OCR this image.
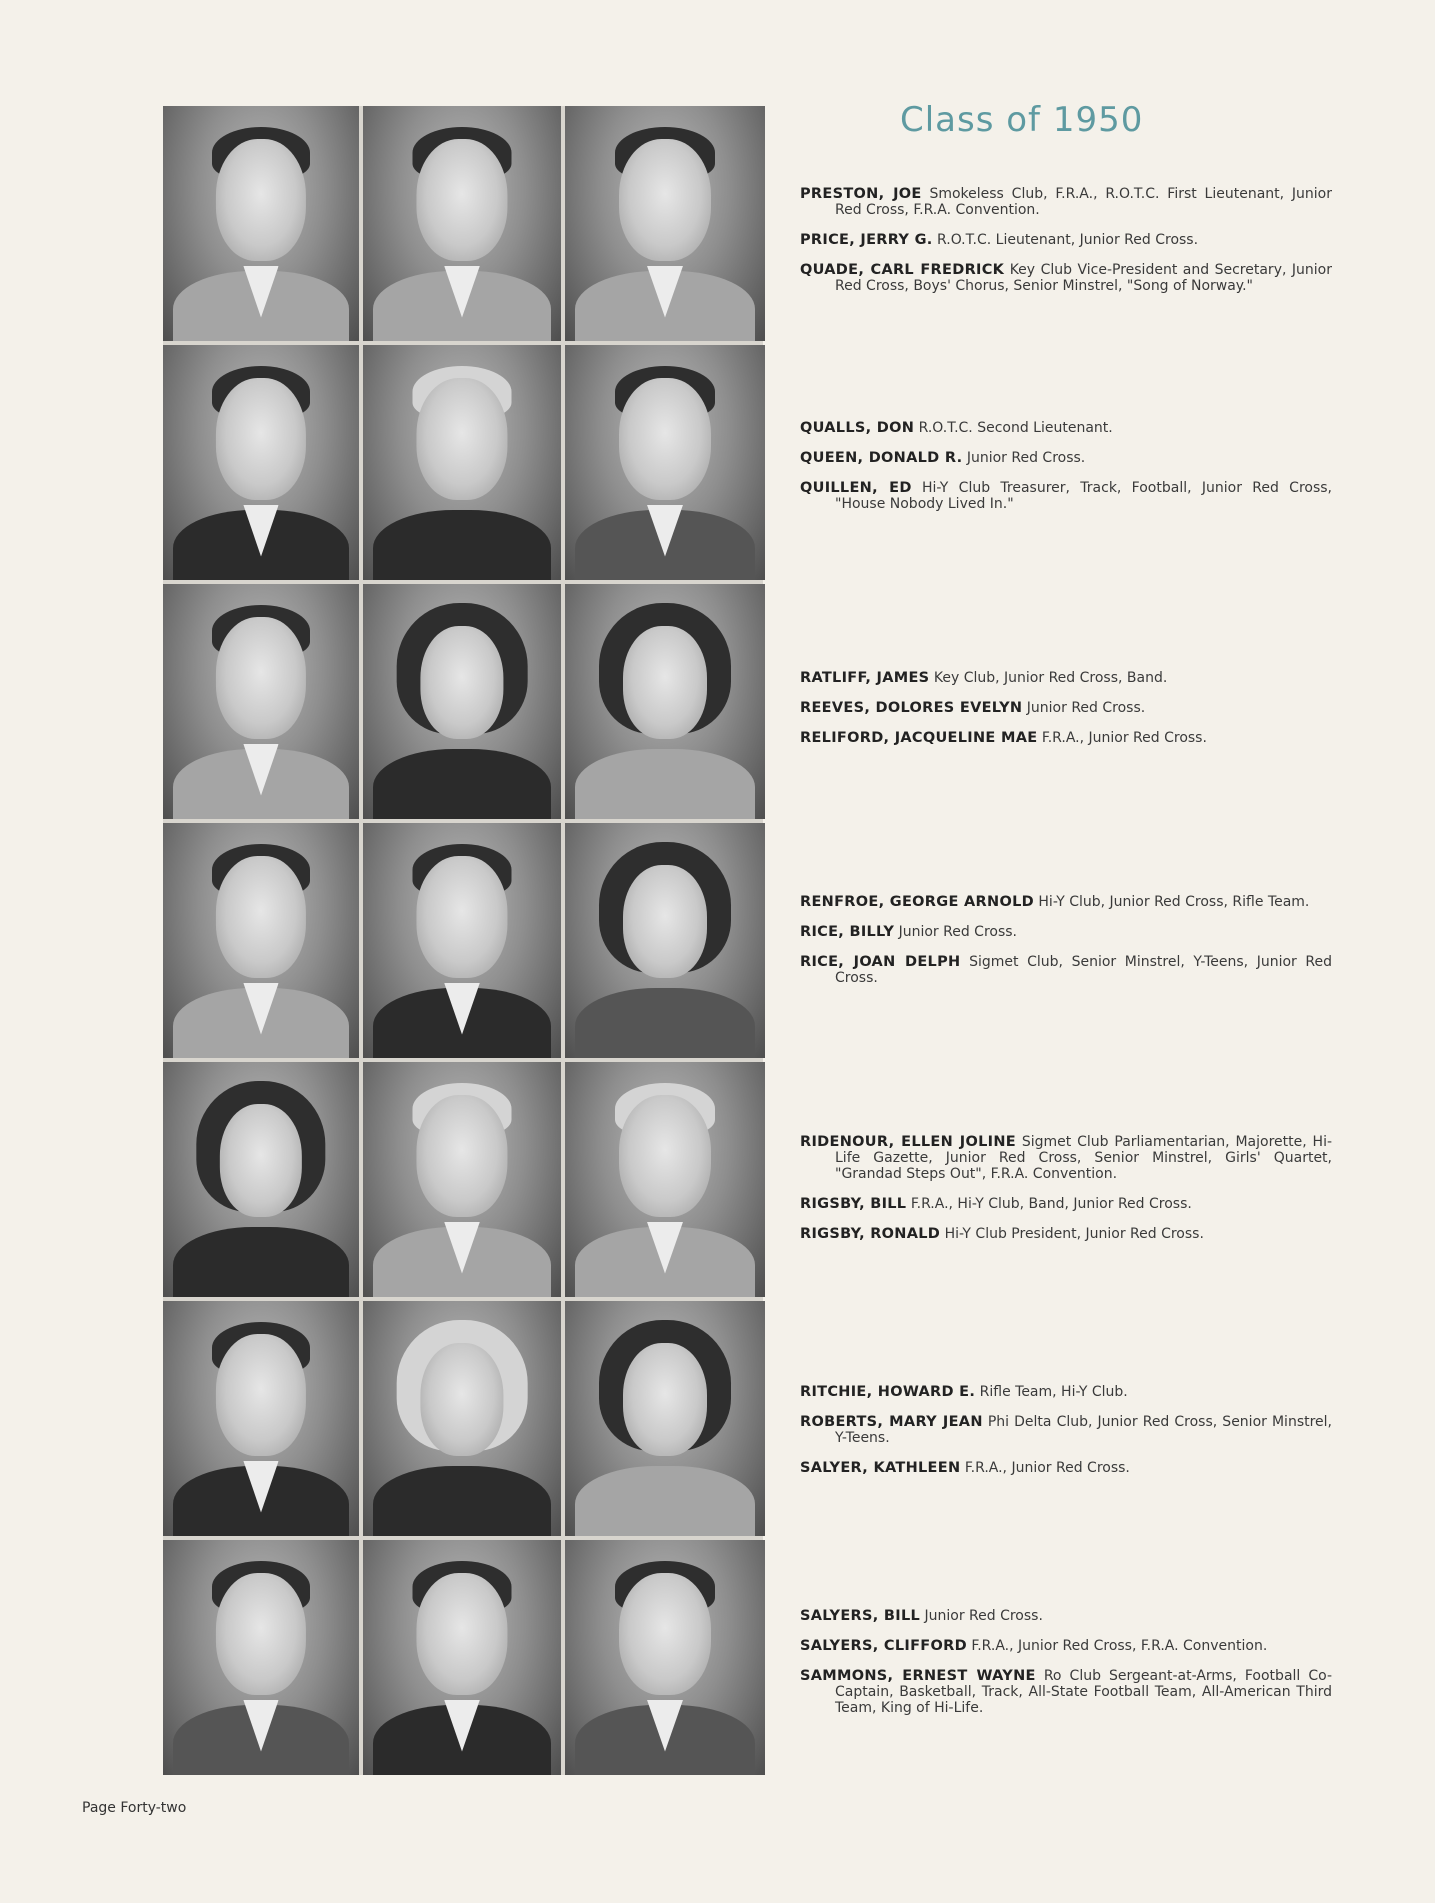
Class of 1950

PRESTON, JOE Smokeless Club, F.R.A., R.O.T.C. First Lieutenant, Junior Red Cross, F.R.A. Convention.

PRICE, JERRY G. R.O.T.C. Lieutenant, Junior Red Cross.

QUADE, CARL FREDRICK Key Club Vice-President and Secretary, Junior Red Cross, Boys' Chorus, Senior Minstrel, "Song of Norway."

QUALLS, DON R.O.T.C. Second Lieutenant.

QUEEN, DONALD R. Junior Red Cross.

QUILLEN, ED Hi-Y Club Treasurer, Track, Football, Junior Red Cross, "House Nobody Lived In."

RATLIFF, JAMES Key Club, Junior Red Cross, Band.

REEVES, DOLORES EVELYN Junior Red Cross.

RELIFORD, JACQUELINE MAE F.R.A., Junior Red Cross.

RENFROE, GEORGE ARNOLD Hi-Y Club, Junior Red Cross, Rifle Team.

RICE, BILLY Junior Red Cross.

RICE, JOAN DELPH Sigmet Club, Senior Minstrel, Y-Teens, Junior Red Cross.

RIDENOUR, ELLEN JOLINE Sigmet Club Parliamentarian, Majorette, Hi-Life Gazette, Junior Red Cross, Senior Minstrel, Girls' Quartet, "Grandad Steps Out", F.R.A. Convention.

RIGSBY, BILL F.R.A., Hi-Y Club, Band, Junior Red Cross.

RIGSBY, RONALD Hi-Y Club President, Junior Red Cross.

RITCHIE, HOWARD E. Rifle Team, Hi-Y Club.

ROBERTS, MARY JEAN Phi Delta Club, Junior Red Cross, Senior Minstrel, Y-Teens.

SALYER, KATHLEEN F.R.A., Junior Red Cross.

SALYERS, BILL Junior Red Cross.

SALYERS, CLIFFORD F.R.A., Junior Red Cross, F.R.A. Convention.

SAMMONS, ERNEST WAYNE Ro Club Sergeant-at-Arms, Football Co-Captain, Basketball, Track, All-State Football Team, All-American Third Team, King of Hi-Life.

Page Forty-two
